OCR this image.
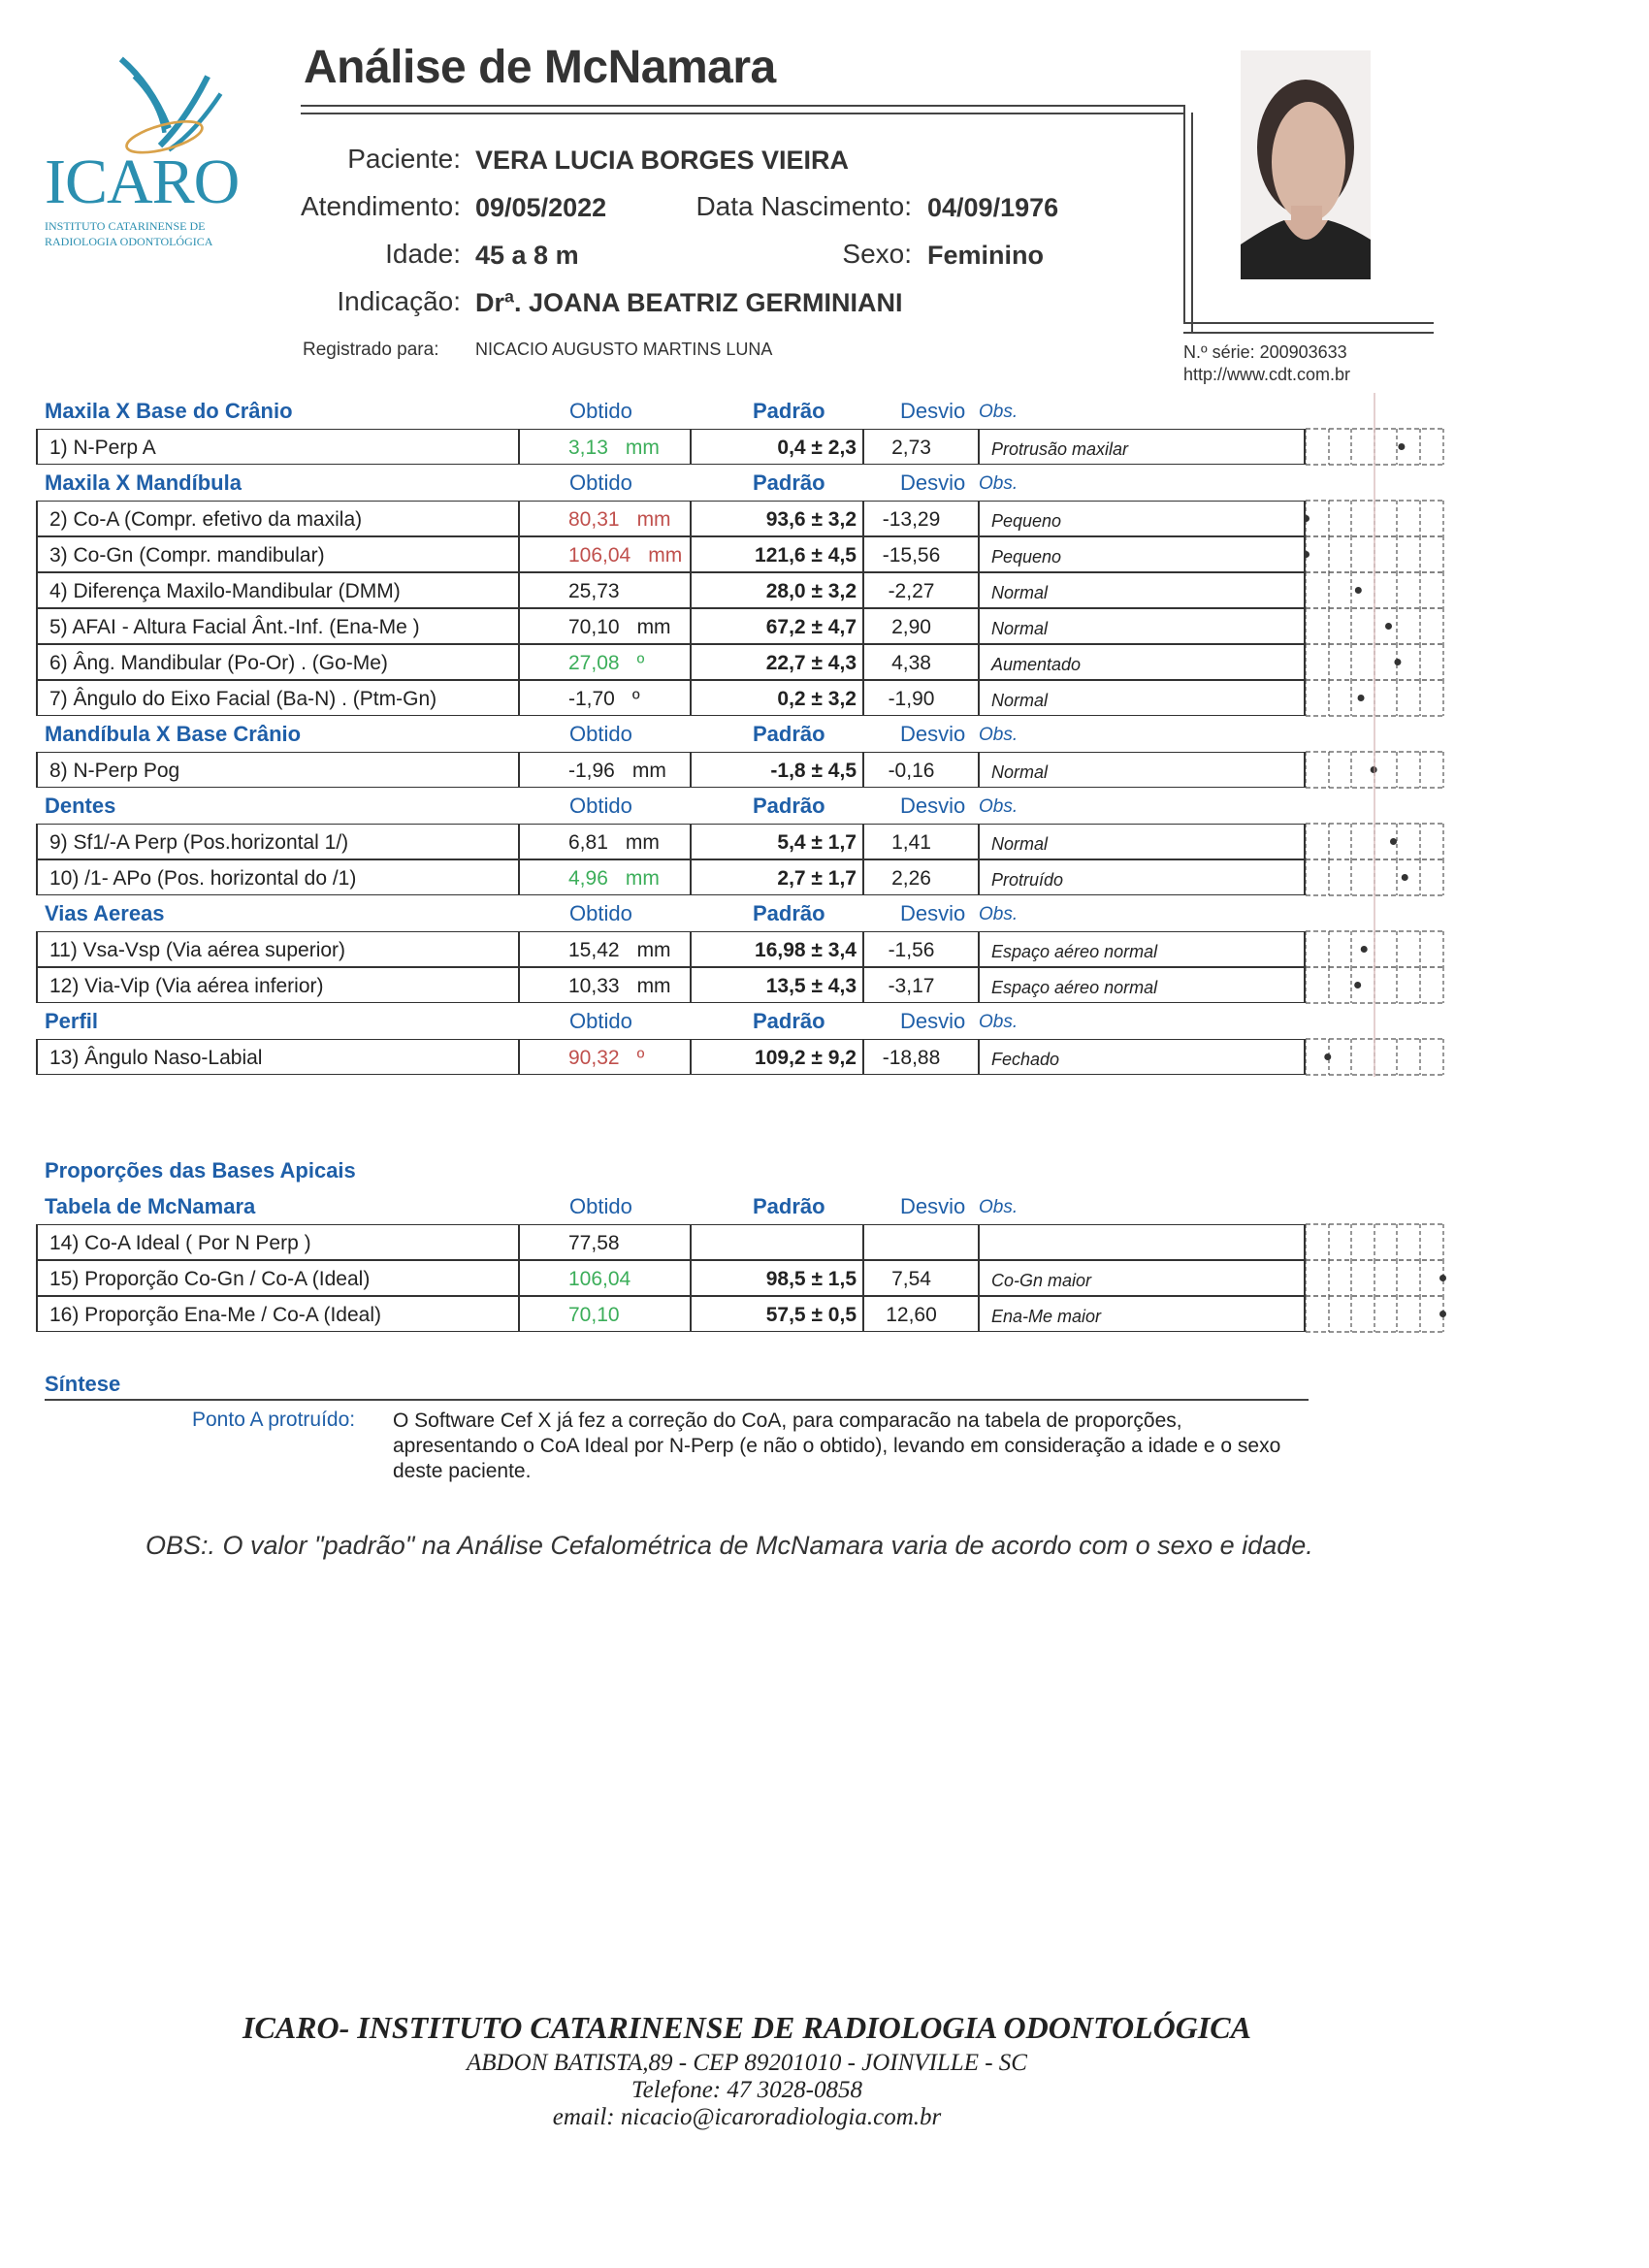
ICARO
INSTITUTO CATARINENSE DE
RADIOLOGIA ODONTOLÓGICA
Análise de McNamara
Paciente: VERA LUCIA BORGES VIEIRA
Atendimento: 09/05/2022	Data Nascimento: 04/09/1976
Idade: 45 a 8 m	Sexo: Feminino
Indicação: Drª. JOANA BEATRIZ GERMINIANI
Registrado para: NICACIO AUGUSTO MARTINS LUNA	N.º série: 200903633
http://www.cdt.com.br
Maxila X Base do Crânio	Obtido	Padrão	Desvio Obs.
1) N-Perp A	3,13 mm	0,4 ± 2,3	2,73	Protrusão maxilar
Maxila X Mandíbula	Obtido	Padrão	Desvio Obs.
2) Co-A (Compr. efetivo da maxila)	80,31 mm	93,6 ± 3,2	-13,29	Pequeno
3) Co-Gn (Compr. mandibular)	106,04 mm	121,6 ± 4,5	-15,56	Pequeno
4) Diferença Maxilo-Mandibular (DMM)	25,73	28,0 ± 3,2	-2,27	Normal
5) AFAI - Altura Facial Ânt.-Inf. (Ena-Me )	70,10 mm	67,2 ± 4,7	2,90	Normal
6) Âng. Mandibular (Po-Or) . (Go-Me)	27,08 º	22,7 ± 4,3	4,38	Aumentado
7) Ângulo do Eixo Facial (Ba-N) . (Ptm-Gn)	-1,70 º	0,2 ± 3,2	-1,90	Normal
Mandíbula X Base Crânio	Obtido	Padrão	Desvio Obs.
8) N-Perp Pog	-1,96 mm	-1,8 ± 4,5	-0,16	Normal
Dentes	Obtido	Padrão	Desvio Obs.
9) Sf1/-A Perp (Pos.horizontal 1/)	6,81 mm	5,4 ± 1,7	1,41	Normal
10) /1- APo (Pos. horizontal do /1)	4,96 mm	2,7 ± 1,7	2,26	Protruído
Vias Aereas	Obtido	Padrão	Desvio Obs.
11) Vsa-Vsp (Via aérea superior)	15,42 mm	16,98 ± 3,4	-1,56	Espaço aéreo normal
12) Via-Vip (Via aérea inferior)	10,33 mm	13,5 ± 4,3	-3,17	Espaço aéreo normal
Perfil	Obtido	Padrão	Desvio Obs.
13) Ângulo Naso-Labial	90,32 º	109,2 ± 9,2	-18,88	Fechado
Proporções das Bases Apicais
Tabela de McNamara	Obtido	Padrão	Desvio Obs.
14) Co-A Ideal ( Por N Perp )	77,58
15) Proporção Co-Gn / Co-A (Ideal)	106,04	98,5 ± 1,5	7,54	Co-Gn maior
16) Proporção Ena-Me / Co-A (Ideal)	70,10	57,5 ± 0,5	12,60	Ena-Me maior
Síntese
Ponto A protruído: O Software Cef X já fez a correção do CoA, para comparacão na tabela de proporções, apresentando o CoA Ideal por N-Perp (e não o obtido), levando em consideração a idade e o sexo deste paciente.
OBS:. O valor "padrão" na Análise Cefalométrica de McNamara varia de acordo com o sexo e idade.
ICARO- INSTITUTO CATARINENSE DE RADIOLOGIA ODONTOLÓGICA
ABDON BATISTA,89 - CEP 89201010 - JOINVILLE - SC
Telefone: 47 3028-0858
email: nicacio@icaroradiologia.com.br
